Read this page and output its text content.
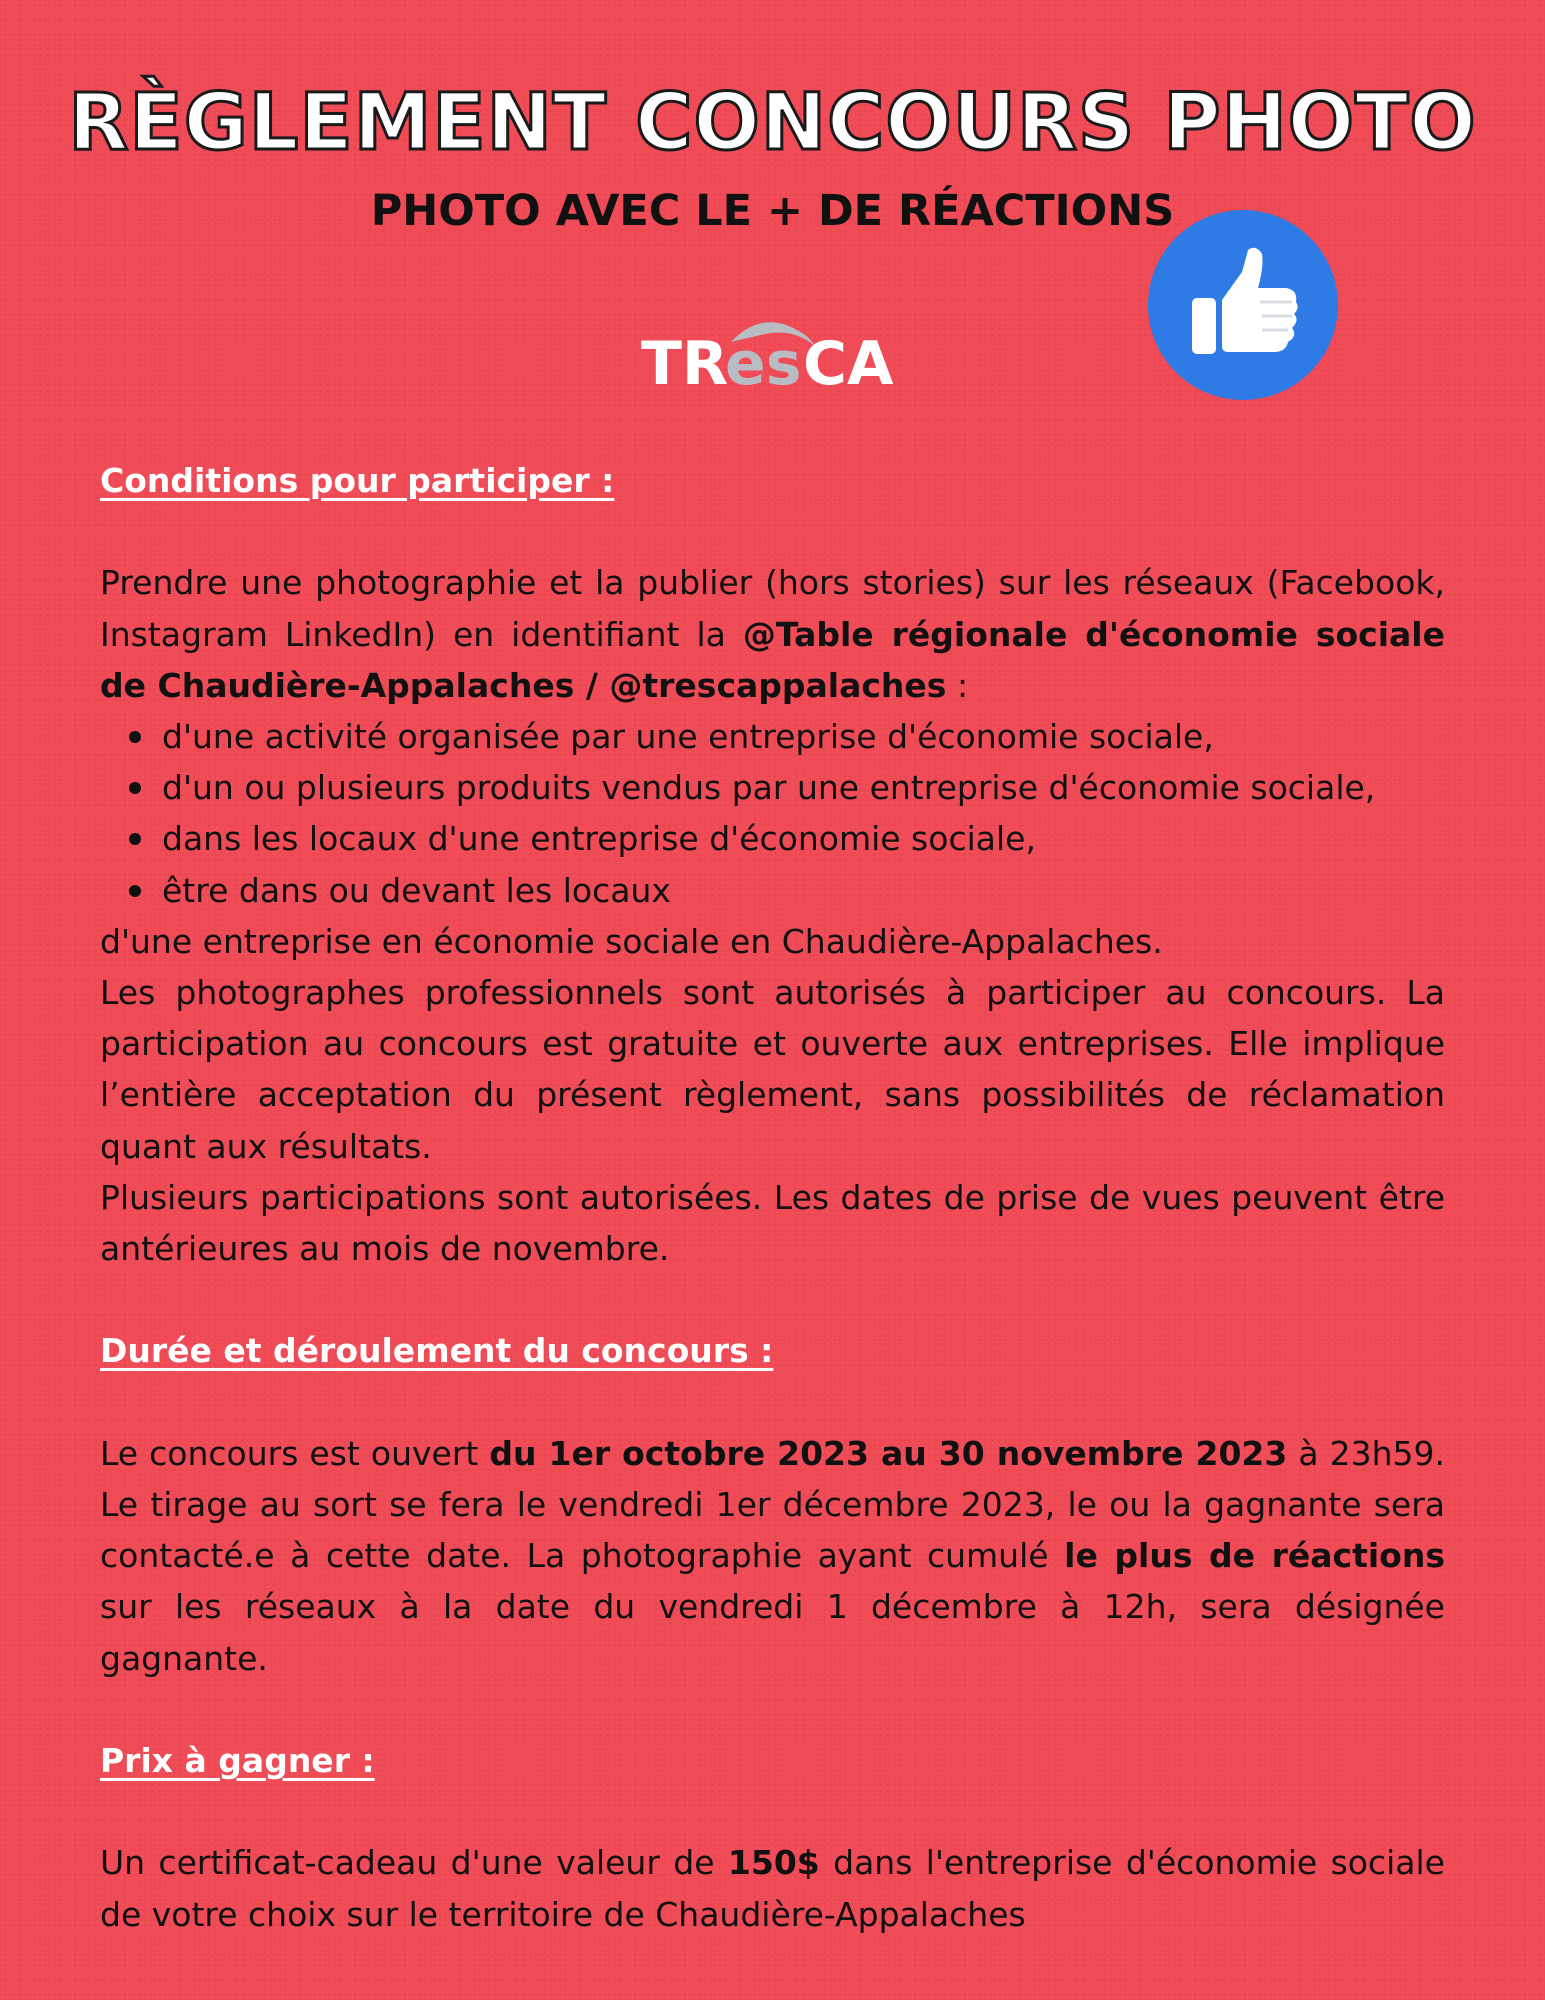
RÈGLEMENT CONCOURS PHOTO
PHOTO AVEC LE + DE RÉACTIONS
TR
es CA
Conditions pour participer :

Prendre une photographie et la publier (hors stories) sur les réseaux (Facebook, Instagram LinkedIn) en identifiant la @Table régionale d'économie sociale de Chaudière-Appalaches / @trescappalaches :

d'une activité organisée par une entreprise d'économie sociale,
d'un ou plusieurs produits vendus par une entreprise d'économie sociale,
dans les locaux d'une entreprise d'économie sociale,
être dans ou devant les locaux

d'une entreprise en économie sociale en Chaudière-Appalaches.

Les photographes professionnels sont autorisés à participer au concours. La participation au concours est gratuite et ouverte aux entreprises. Elle implique l’entière acceptation du présent règlement, sans possibilités de réclamation quant aux résultats.

Plusieurs participations sont autorisées. Les dates de prise de vues peuvent être antérieures au mois de novembre.

Durée et déroulement du concours :

Le concours est ouvert du 1er octobre 2023 au 30 novembre 2023 à 23h59. Le tirage au sort se fera le vendredi 1er décembre 2023, le ou la gagnante sera contacté.e à cette date. La photographie ayant cumulé le plus de réactions sur les réseaux à la date du vendredi 1 décembre à 12h, sera désignée gagnante.

Prix à gagner :

Un certificat-cadeau d'une valeur de 150$ dans l'entreprise d'économie sociale de votre choix sur le territoire de Chaudière-Appalaches
